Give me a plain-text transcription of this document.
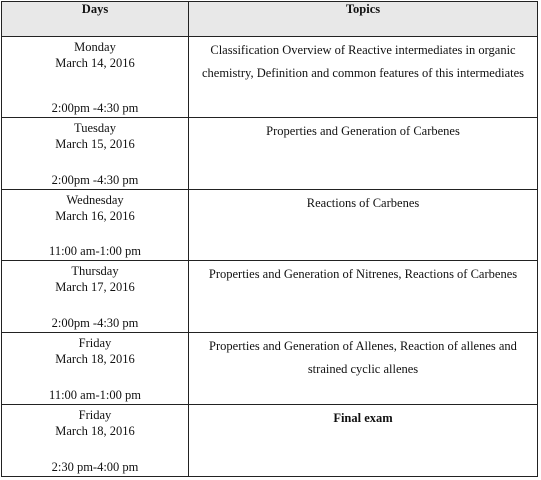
Days	Topics

Monday
March 14, 2016
2:00pm -4:30 pm	Classification Overview of Reactive intermediates in organic chemistry, Definition and common features of this intermediates

Tuesday
March 15, 2016
2:00pm -4:30 pm	Properties and Generation of Carbenes

Wednesday
March 16, 2016
11:00 am-1:00 pm	Reactions of Carbenes

Thursday
March 17, 2016
2:00pm -4:30 pm	Properties and Generation of Nitrenes, Reactions of Carbenes

Friday
March 18, 2016
11:00 am-1:00 pm	Properties and Generation of Allenes, Reaction of allenes and strained cyclic allenes

Friday
March 18, 2016
2:30 pm-4:00 pm	Final exam
